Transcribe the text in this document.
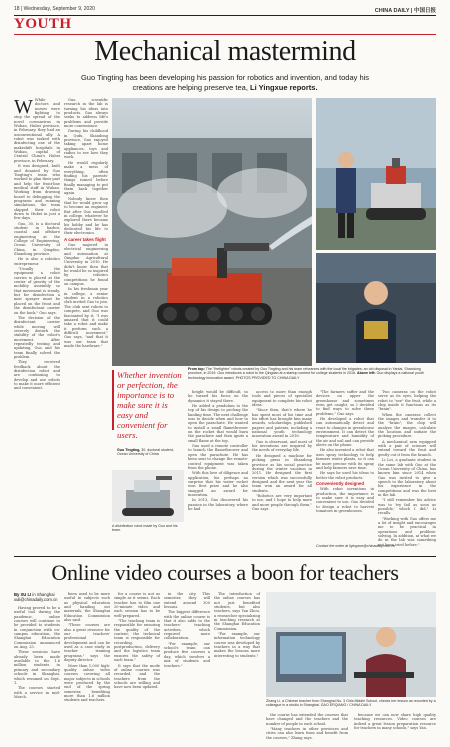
18 | Wednesday, September 9, 2020	CHINA DAILY | 中国日报
YOUTH
Mechanical mastermind
Guo Tingting has been developing his passion for robotics and invention, and today his creations are helping preserve tea, Li Yingxue reports.

W While doctors and nurses were fighting to stop the spread of the novel coronavirus in Wuhan, Hubei province, in February, they had an unconventional ally. A robot was tasked with disinfecting one of the makeshift hospitals in Wuhan, capital of Central China's Hubei province, in February.

It was designed, built and donated by Guo Tingting's team who worked to plan their part and help the front-line medical staff in Wuhan. Working from drawing board to debugging the programs and running simulations, the team shipped their robot down to Hubei in just a few days.

Guo, 30, is a doctoral student in harbor, coastal and offshore engineering at the College of Engineering, Ocean University of China, in Qingdao, Shandong province.

He is also a robotics entrepreneur.

"Usually the equipment a robot carries is placed at the center of gravity of the mobility assembly so that movement is steady, but for disinfection a mist sprayer must be placed on the front and the disinfectant carrier on the back," Guo says.

The decision of the disinfectant carrier while moving will severely disturb the stability of the robot's movement. After repeatedly testing and updating, Guo and his team finally solved the problem.

They received feedback about the disinfection robot and are continuing to develop and use robots to make it more efficient and convenient.

Guo, scientific research in the lab is turning his ideas into products. Guo always seeks to address life's problems and provide more convenience.

During his childhood in Qufu, Shandong province, Guo enjoyed taking apart home appliances, toys and radios to see how they work.

He would regularly make a mess of everything, often finding his parents' things ruined before finally managing to put them back together again.

Nobody knew then that he would grow up to become an engineer. But after Guo enrolled in college, whatever he explored there became his hobby and he has dedicated his life to their electronics.

A career takes flight

Guo majored in electrical engineering and automation at Qingdao Agricultural University in 2010. He didn't know then that he would be so inspired by robotics competitions he found on campus.

In his freshman year in college, a senior student in a robotics club invited Guo to join. The club sent robots to compete, and Guo was fascinated by it. "I was amazed that it could take a robot and make it perform such a difficult movement," Guo says, "and that it was our team that made the hardware."

Whether invention or perfection, the importance is to make sure it is easy and convenient for users.
Guo Tingting, 30, doctoral student, Ocean University of China
From top: The "firefighter" robots created by Guo Tingting and his team rehearses with the local fire brigades; an old disposal in Yantai, Shandong province, in 2019. Guo introduces a robot to the Qingdao at a startup contest for college students in 2016. Above left: Guo displays a national youth technology innovation award. PHOTOS PROVIDED TO CHINA DAILY
A disinfection robot made by Guo and his team.

height would be difficult, so he turned his focus on the dynamics it stayed there.

He added a pendulum to the top of his design to prolong the landing time. The next challenge was to decide when and how to open the parachute. He wanted to install a small flamethrower on the rocket that would burn the parachute and then ignite a small flame at the top.

Guo used a remote controller to launch the flamethrower and open the parachute. He has been sent to change the remote-control equipment was taken from the phone.

With this love of diligence and application, his perhaps no surprise that his water rocket won first prize and he also snagged an award for innovation.

In 2013, Guo discovered his passion in the laboratory, where he had

access to more than enough tools and pieces of specialist equipment to complete his robot ideas.

"Since then, that's where he has spent most of his time and his effort has brought him many awards, scholarships, published papers and patents, including a national youth technology innovation award in 2016.

Guo is observant, and most of his inventions are inspired by the needs of everyday life.

He designed a machine for picking grass in Shandong province as his social practice during the winter vacation in 2011. He designed the first version which was successfully designed and the next year the team won an award for all students.

"Robotics are very important to me, and I hope to help more and more people through them," Guo says.

"The farmers suffer and the devices on upper the greenhouse and sometimes even get caught, so I decided to find ways to solve these problems," Guo says.

He developed a robot that can automatically detect and react to changes in greenhouse environment. It can detect the temperature and humidity of the air and soil and can provide alerts on the phone.

He also invented a robot that uses spray technology to help farmers water plants, so it can be more precise with its spray and help farmers save time.

He says he used his ideas to better the robot products.

Conveniently designed

With robot inventions in production, the importance is to make sure it is easy and convenient to use. Guo decided to design a robot to harvest tomatoes in greenhouses.

Two cameras on the robot serve as its eyes, helping the robot to "see" the fruit, while a chip inside it functions as its "brain".

When the cameras collect the images and transfer it to the "brain", the chip will analyze the images, calculate the location and initiate the picking procedure.

A mechanical arm equipped with a pair of scissors will extend toward the fruit and gently cut it from the branch.

Li Lei, a graduate student in the same lab with Guo at the Ocean University of China, has known him since 2014 when Guo was invited to give a speech to the laboratory about his experience in the competitions and was the best in the lab.

"I still remember his advice was to 'try fail as soon as possible,' which I did," Li recalls.

"Working with Guo offers me a lot of insight and encourages me to be practical in operations and problem-solving. In addition, at what we do in the lab was something not been tried before."

Contact the writer at liyingxue@chinadaily.com.cn
Online video courses a boon for teachers
By XU LI in Shanghai
xuli@chinadaily.com.cn

Having proved to be a useful tool during the pandemic, online courses will continue to be provided to students in conjunction with on-campus education, the Shanghai Education Commission announced on Aug. 25.

These sessions have already been made available to the 1.6 million students in primary and secondary schools in Shanghai, which resumed on Sept. 1.

The courses started with a service in mid-March.

been used to be more useful in subjects such as physical education and handing out materials, the Shanghai Education Commission also said.

"These courses are also a great resource for our teachers' professional development and can be used as a case study in teacher training programs," says the deputy director.

More than 1,000 high-quality online video courses covering all major subjects in schools were produced by the end of the spring semester, benefiting more than 1.6 million students and teachers.

for a course is not as simple as it seems. Each teacher has to film one 20-minute video and each session has to be well-prepared.

"The teaching team is responsible for ensuring the quality of the content; the technical team is responsible for recording, postproduction, delivery and the logistics team ensures the safety of each team."

It says that the mode of online courses was recorded, and the teachers from the schools are willing and have now been updated.

in the city. This semester, they will extend around 300 lessons.

The biggest difference with the online course is that it also adds to the teachers' teaching activities, which required more collaboration.

"For example, our school's team can produce five courses a day, which involves a mix of students and teachers."

The introduction of the online courses has not just benefited students, but also teachers, says Yan Zhou, a researcher specializing in teaching research at the Shanghai Education Commission.

"For example, our information technology course was developed by teachers in a way that makes the lessons more interesting to students."

Zhang Li, a Chinese teacher from Shanghai No. 3 Girls Middle School, checks her lesson as recorded by a colleague in a studio in Shanghai. GAO ERQIANG / CHINA DAILY

the course has extended the courses that have changed and the teachers and the number of people in each school.

"Many teachers in other provinces and cities can also learn from and benefit from the courses," Zhang says.

because we can now share high quality teaching resources. Video courses are indeed a great lesson preparation resource for teachers in many schools," says Yan.
